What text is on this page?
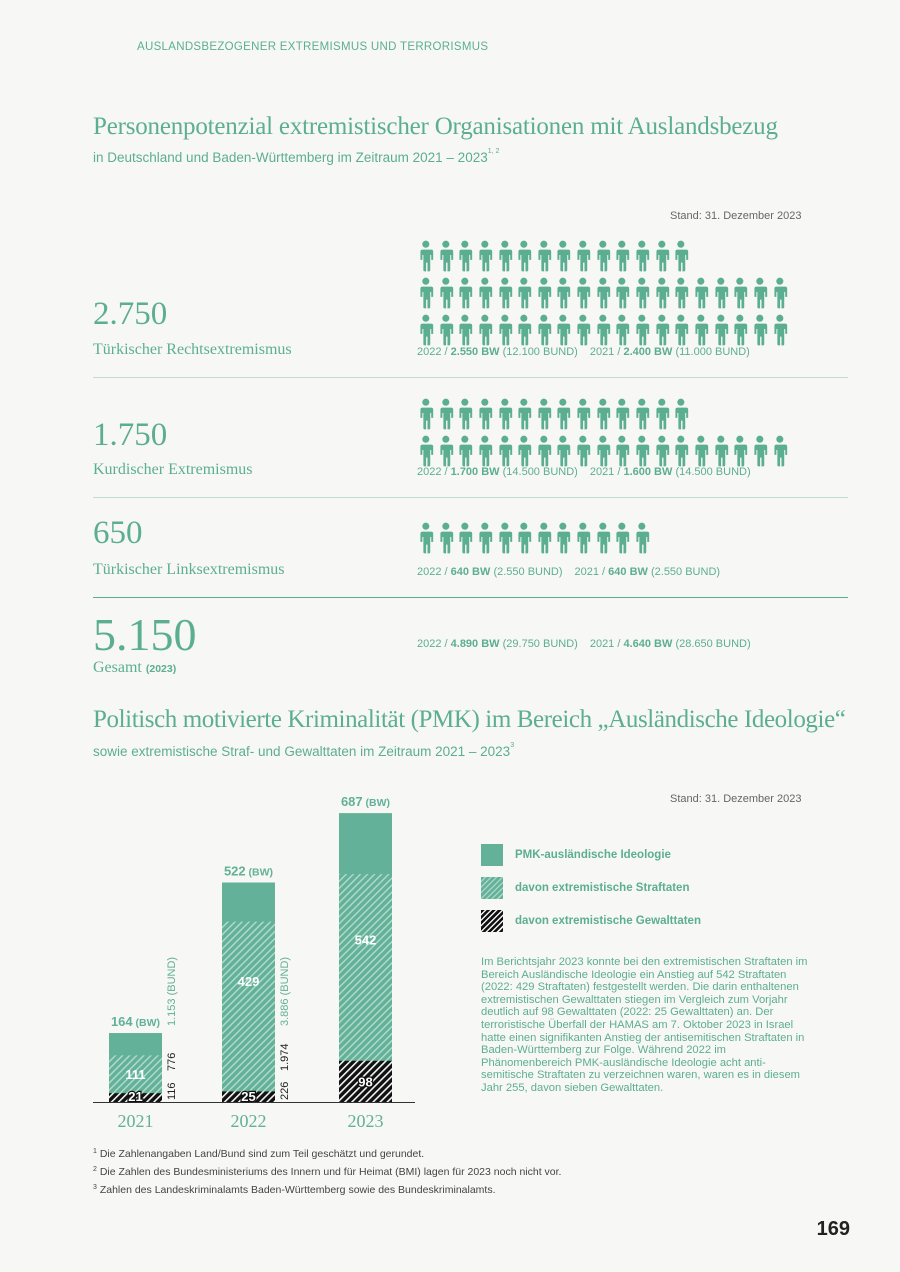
AUSLANDSBEZOGENER EXTREMISMUS UND TERRORISMUS
Personenpotenzial extremistischer Organisationen mit Auslandsbezug
in Deutschland und Baden-Württemberg im Zeitraum 2021 – 2023$^{1, 2}$
Stand: 31. Dezember 2023
2.750
Türkischer Rechtsextremismus	2022 / 2.550 BW (12.100 BUND) 2021 / 2.400 BW (11.000 BUND)
1.750
Kurdischer Extremismus	2022 / 1.700 BW (14.500 BUND) 2021 / 1.600 BW (14.500 BUND)
650
Türkischer Linksextremismus	2022 / 640 BW (2.550 BUND) 2021 / 640 BW (2.550 BUND)
5.150
Gesamt (2023)
2022 / 4.890 BW (29.750 BUND) 2021 / 4.640 BW (28.650 BUND)
Politisch motivierte Kriminalität (PMK) im Bereich „Ausländische Ideologie“
sowie extremistische Straf- und Gewalttaten im Zeitraum 2021 – 2023$^3$
Stand: 31. Dezember 2023
111
21
164 (BW)
2021
116
776
1.153 (BUND)	429
25
522 (BW)
2022
226
1.974
3.886 (BUND)
542
98
687 (BW)
2023
PMK-ausländische Ideologie
davon extremistische Straftaten
davon extremistische Gewalttaten
Im Berichtsjahr 2023 konnte bei den extremistischen Straftaten im Bereich Ausländische Ideologie ein Anstieg auf 542 Straftaten (2022: 429 Straftaten) festgestellt werden. Die darin enthaltenen extremistischen Gewalttaten stiegen im Vergleich zum Vorjahr deutlich auf 98 Gewalttaten (2022: 25 Gewalttaten) an. Der terroristische Überfall der HAMAS am 7. Oktober 2023 in Israel hatte einen signifikanten Anstieg der antisemitischen Straftaten in Baden-Württemberg zur Folge. Während 2022 im Phänomenbereich PMK-ausländische Ideologie acht anti-semitische Straftaten zu verzeichnen waren, waren es in diesem Jahr 255, davon sieben Gewalttaten.
$^1$ Die Zahlenangaben Land/Bund sind zum Teil geschätzt und gerundet.
$^2$ Die Zahlen des Bundesministeriums des Innern und für Heimat (BMI) lagen für 2023 noch nicht vor.
$^3$ Zahlen des Landeskriminalamts Baden-Württemberg sowie des Bundeskriminalamts.
169
